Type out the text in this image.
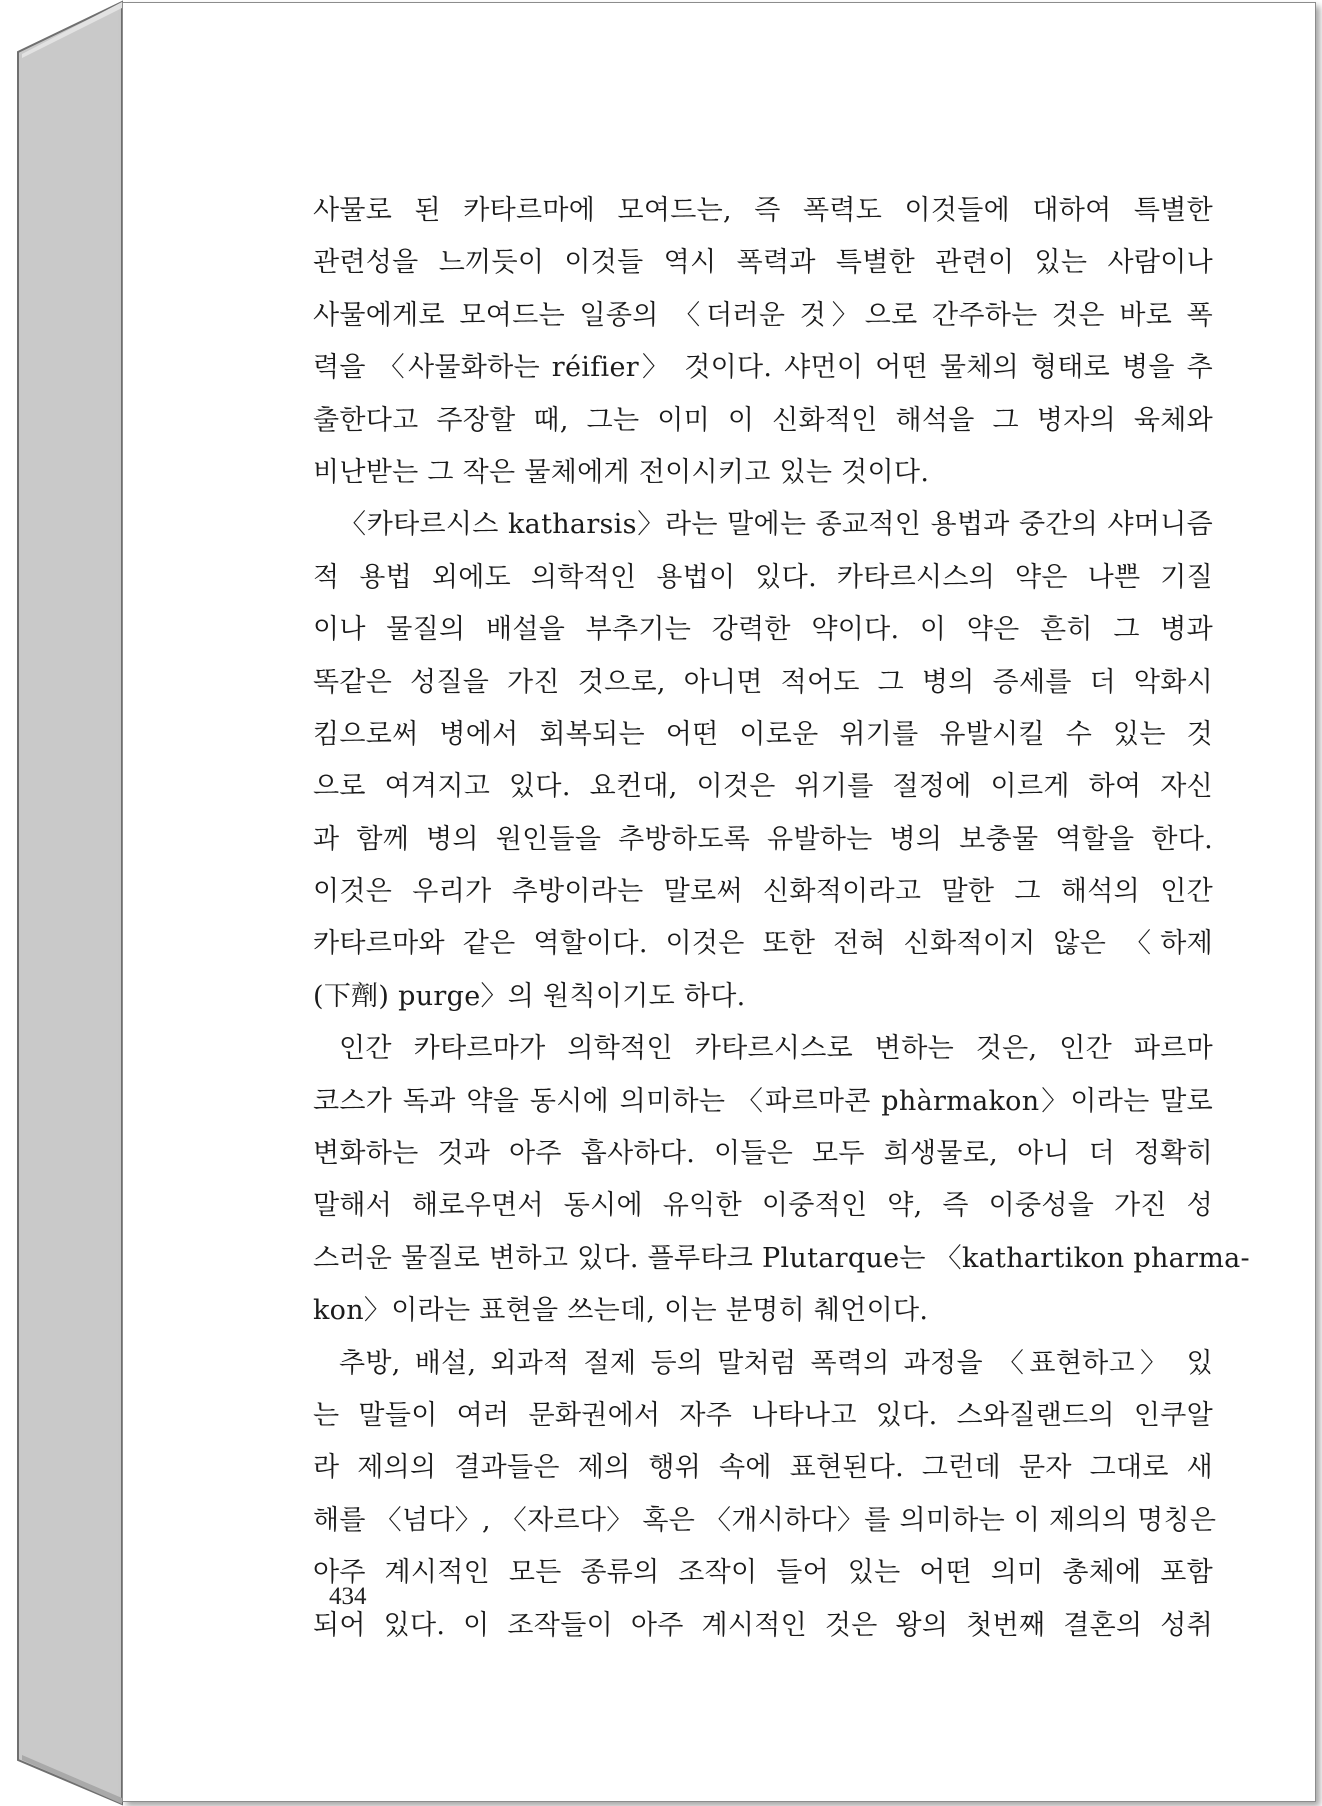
사물로 된 카타르마에 모여드는, 즉 폭력도 이것들에 대하여 특별한
관련성을 느끼듯이 이것들 역시 폭력과 특별한 관련이 있는 사람이나
사물에게로 모여드는 일종의 〈더러운 것〉으로 간주하는 것은 바로 폭
력을 〈사물화하는 réifier〉 것이다. 샤먼이 어떤 물체의 형태로 병을 추
출한다고 주장할 때, 그는 이미 이 신화적인 해석을 그 병자의 육체와
비난받는 그 작은 물체에게 전이시키고 있는 것이다.
〈카타르시스 katharsis〉라는 말에는 종교적인 용법과 중간의 샤머니즘
적 용법 외에도 의학적인 용법이 있다. 카타르시스의 약은 나쁜 기질
이나 물질의 배설을 부추기는 강력한 약이다. 이 약은 흔히 그 병과
똑같은 성질을 가진 것으로, 아니면 적어도 그 병의 증세를 더 악화시
킴으로써 병에서 회복되는 어떤 이로운 위기를 유발시킬 수 있는 것
으로 여겨지고 있다. 요컨대, 이것은 위기를 절정에 이르게 하여 자신
과 함께 병의 원인들을 추방하도록 유발하는 병의 보충물 역할을 한다.
이것은 우리가 추방이라는 말로써 신화적이라고 말한 그 해석의 인간
카타르마와 같은 역할이다. 이것은 또한 전혀 신화적이지 않은 〈하제
(下劑) purge〉의 원칙이기도 하다.
인간 카타르마가 의학적인 카타르시스로 변하는 것은, 인간 파르마
코스가 독과 약을 동시에 의미하는 〈파르마콘 phàrmakon〉이라는 말로
변화하는 것과 아주 흡사하다. 이들은 모두 희생물로, 아니 더 정확히
말해서 해로우면서 동시에 유익한 이중적인 약, 즉 이중성을 가진 성
스러운 물질로 변하고 있다. 플루타크 Plutarque는 〈kathartikon pharma-
kon〉이라는 표현을 쓰는데, 이는 분명히 췌언이다.
추방, 배설, 외과적 절제 등의 말처럼 폭력의 과정을 〈표현하고〉 있
는 말들이 여러 문화권에서 자주 나타나고 있다. 스와질랜드의 인쿠알
라 제의의 결과들은 제의 행위 속에 표현된다. 그런데 문자 그대로 새
해를 〈넘다〉, 〈자르다〉 혹은 〈개시하다〉를 의미하는 이 제의의 명칭은
아주 계시적인 모든 종류의 조작이 들어 있는 어떤 의미 총체에 포함
되어 있다. 이 조작들이 아주 계시적인 것은 왕의 첫번째 결혼의 성취
434
